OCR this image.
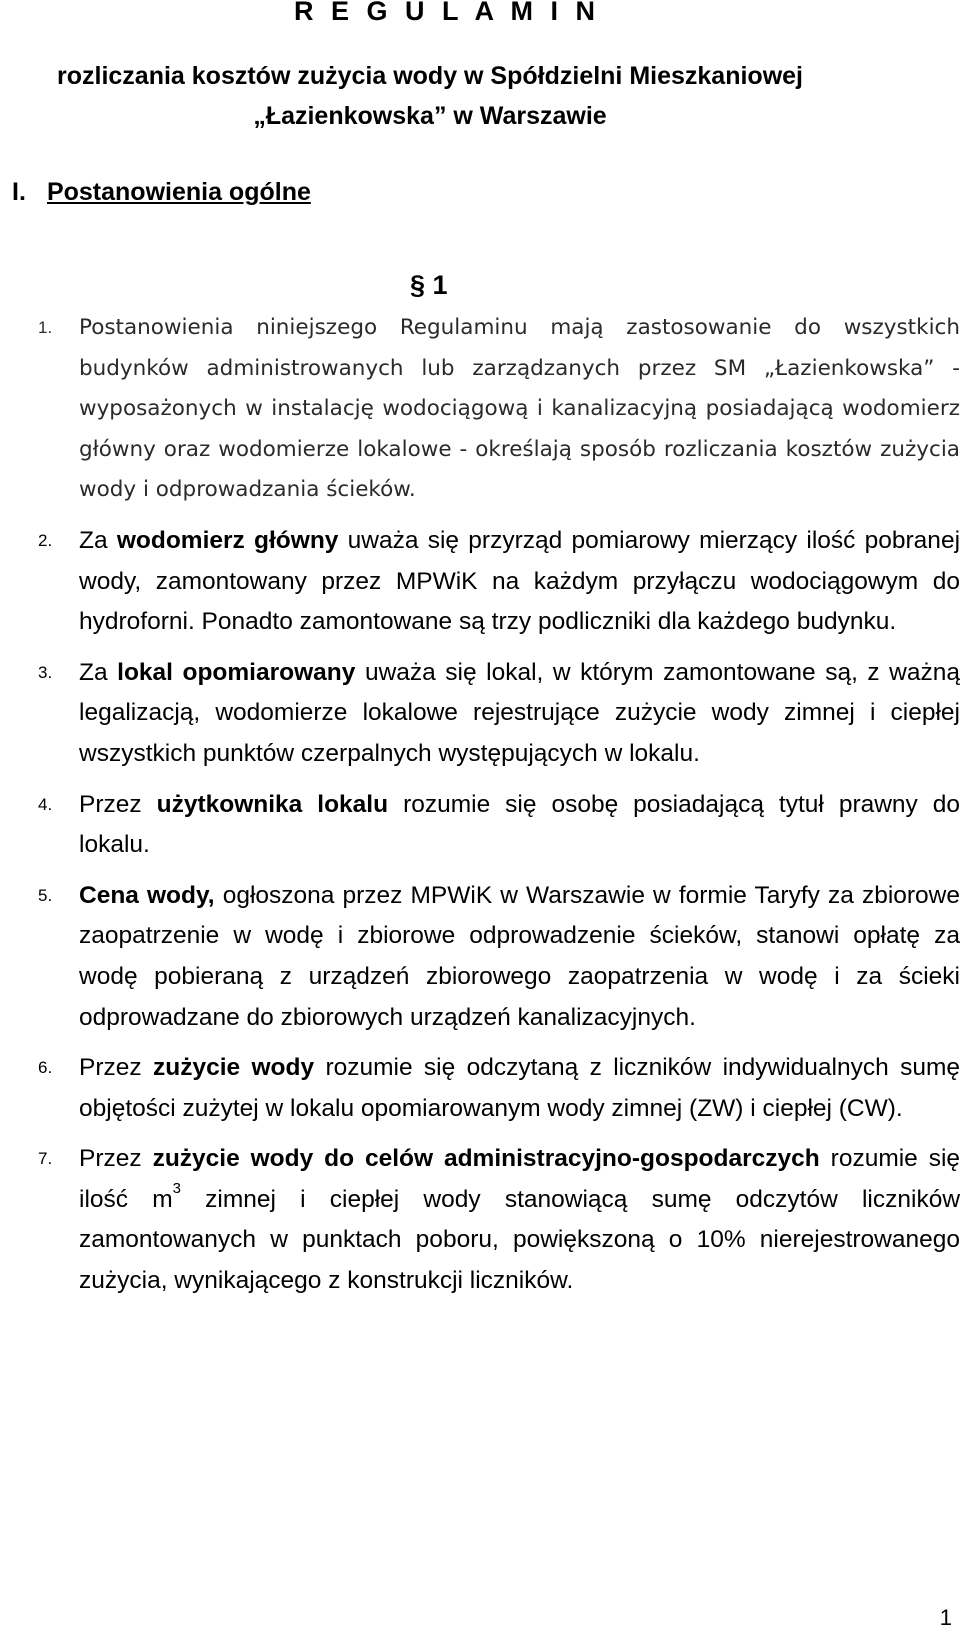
R E G U L A M I N
rozliczania kosztów zużycia wody w Spółdzielni Mieszkaniowej
„Łazienkowska” w Warszawie
I. Postanowienia ogólne
§ 1
1. Postanowienia niniejszego Regulaminu mają zastosowanie do wszystkich budynków administrowanych lub zarządzanych przez SM „Łazienkowska” - wyposażonych w instalację wodociągową i kanalizacyjną posiadającą wodomierz główny oraz wodomierze lokalowe - określają sposób rozliczania kosztów zużycia wody i odprowadzania ścieków.
2. Za wodomierz główny uważa się przyrząd pomiarowy mierzący ilość pobranej wody, zamontowany przez MPWiK na każdym przyłączu wodociągowym do hydroforni. Ponadto zamontowane są trzy podliczniki dla każdego budynku.
3. Za lokal opomiarowany uważa się lokal, w którym zamontowane są, z ważną legalizacją, wodomierze lokalowe rejestrujące zużycie wody zimnej i ciepłej wszystkich punktów czerpalnych występujących w lokalu.
4. Przez użytkownika lokalu rozumie się osobę posiadającą tytuł prawny do lokalu.
5. Cena wody, ogłoszona przez MPWiK w Warszawie w formie Taryfy za zbiorowe zaopatrzenie w wodę i zbiorowe odprowadzenie ścieków, stanowi opłatę za wodę pobieraną z urządzeń zbiorowego zaopatrzenia w wodę i za ścieki odprowadzane do zbiorowych urządzeń kanalizacyjnych.
6. Przez zużycie wody rozumie się odczytaną z liczników indywidualnych sumę objętości zużytej w lokalu opomiarowanym wody zimnej (ZW) i ciepłej (CW).
7. Przez zużycie wody do celów administracyjno-gospodarczych rozumie się ilość $m^3$ zimnej i ciepłej wody stanowiącą sumę odczytów liczników zamontowanych w punktach poboru, powiększoną o 10% nierejestrowanego zużycia, wynikającego z konstrukcji liczników.
1
